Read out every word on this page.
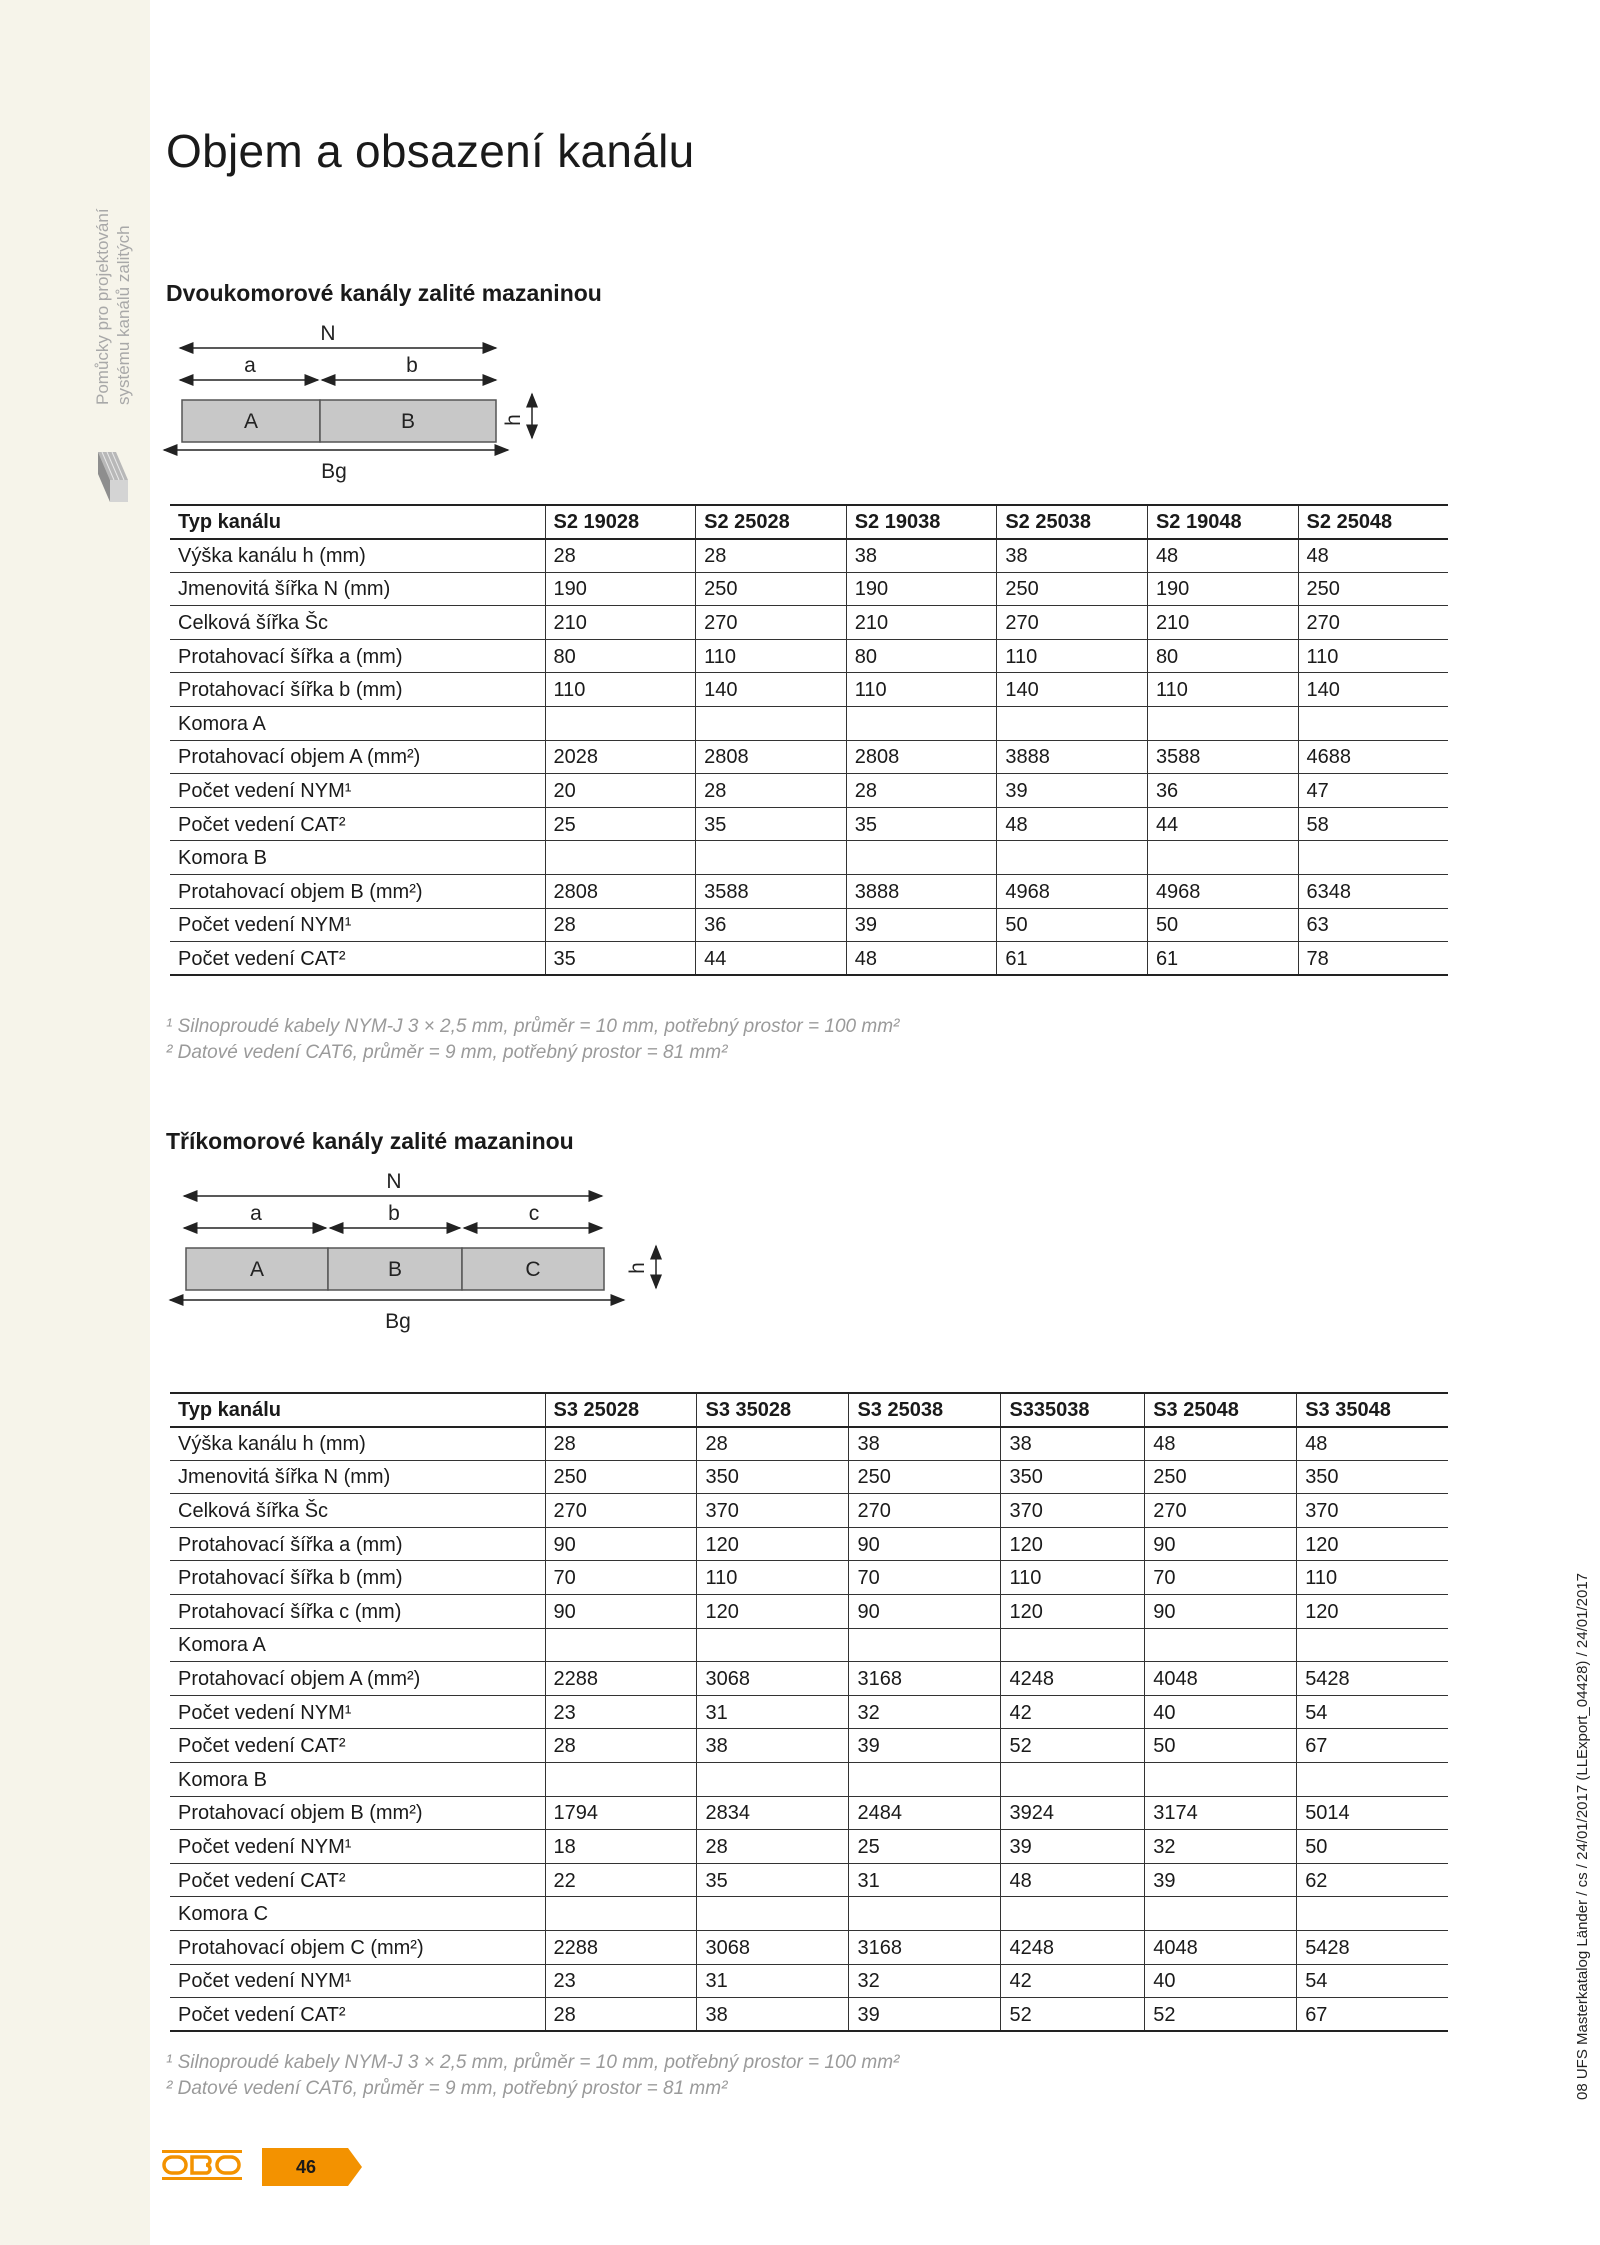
Pomůcky pro projektování systému kanálů zalitých
Objem a obsazení kanálu
Dvoukomorové kanály zalité mazaninou
N
a	b
A	B	h
Bg
Typ kanálu	S2 19028	S2 25028	S2 19038	S2 25038	S2 19048	S2 25048
Výška kanálu h (mm)	28	28	38	38	48	48
Jmenovitá šířka N (mm)	190	250	190	250	190	250
Celková šířka Šc	210	270	210	270	210	270
Protahovací šířka a (mm)	80	110	80	110	80	110
Protahovací šířka b (mm)	110	140	110	140	110	140
Komora A						
Protahovací objem A (mm²)	2028	2808	2808	3888	3588	4688
Počet vedení NYM¹	20	28	28	39	36	47
Počet vedení CAT²	25	35	35	48	44	58
Komora B						
Protahovací objem B (mm²)	2808	3588	3888	4968	4968	6348
Počet vedení NYM¹	28	36	39	50	50	63
Počet vedení CAT²	35	44	48	61	61	78
¹ Silnoproudé kabely NYM-J 3 × 2,5 mm, průměr = 10 mm, potřebný prostor = 100 mm²
² Datové vedení CAT6, průměr = 9 mm, potřebný prostor = 81 mm²
Tříkomorové kanály zalité mazaninou
N
a	b	c
A	B	C	h
Bg
Typ kanálu	S3 25028	S3 35028	S3 25038	S335038	S3 25048	S3 35048
Výška kanálu h (mm)	28	28	38	38	48	48
Jmenovitá šířka N (mm)	250	350	250	350	250	350
Celková šířka Šc	270	370	270	370	270	370
Protahovací šířka a (mm)	90	120	90	120	90	120
Protahovací šířka b (mm)	70	110	70	110	70	110
Protahovací šířka c (mm)	90	120	90	120	90	120
Komora A						
Protahovací objem A (mm²)	2288	3068	3168	4248	4048	5428
Počet vedení NYM¹	23	31	32	42	40	54
Počet vedení CAT²	28	38	39	52	50	67
Komora B						
Protahovací objem B (mm²)	1794	2834	2484	3924	3174	5014
Počet vedení NYM¹	18	28	25	39	32	50
Počet vedení CAT²	22	35	31	48	39	62
Komora C						
Protahovací objem C (mm²)	2288	3068	3168	4248	4048	5428
Počet vedení NYM¹	23	31	32	42	40	54
Počet vedení CAT²	28	38	39	52	52	67
¹ Silnoproudé kabely NYM-J 3 × 2,5 mm, průměr = 10 mm, potřebný prostor = 100 mm²
² Datové vedení CAT6, průměr = 9 mm, potřebný prostor = 81 mm²	08 UFS Masterkatalog Länder / cs / 24/01/2017 (LLExport_04428) / 24/01/2017
46
